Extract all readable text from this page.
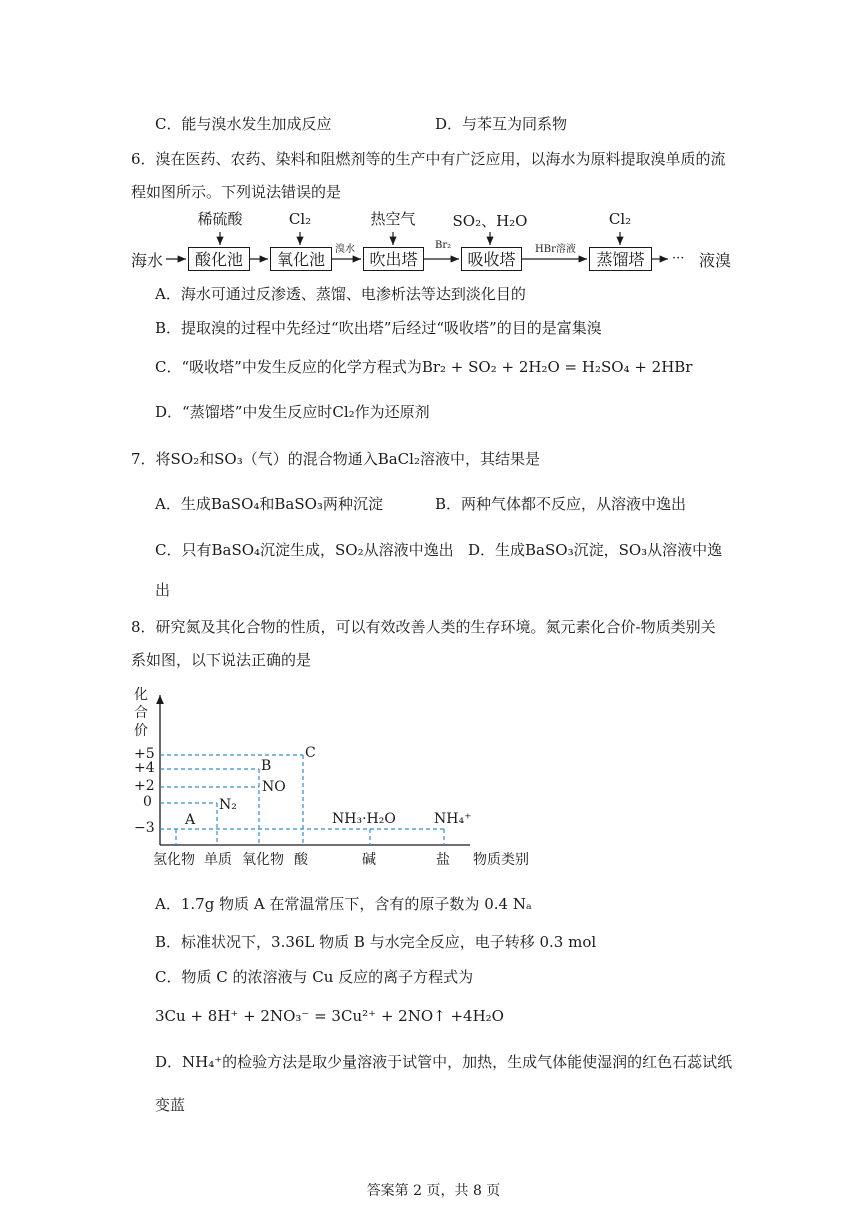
C．能与溴水发生加成反应	D．与苯互为同系物
6．溴在医药、农药、染料和阻燃剂等的生产中有广泛应用，以海水为原料提取溴单质的流
程如图所示。下列说法错误的是
海水	液溴
···
酸化池	氧化池	吹出塔	吸收塔	蒸馏塔
稀硫酸	Cl₂	热空气	SO₂、H₂O	Cl₂
溴水	Br₂	HBr溶液
A．海水可通过反渗透、蒸馏、电渗析法等达到淡化目的
B．提取溴的过程中先经过“吹出塔”后经过“吸收塔”的目的是富集溴
C．“吸收塔”中发生反应的化学方程式为Br₂ + SO₂ + 2H₂O = H₂SO₄ + 2HBr
D．“蒸馏塔”中发生反应时Cl₂作为还原剂
7．将SO₂和SO₃（气）的混合物通入BaCl₂溶液中，其结果是
A．生成BaSO₄和BaSO₃两种沉淀	B．两种气体都不反应，从溶液中逸出
C．只有BaSO₄沉淀生成，SO₂从溶液中逸出 D．生成BaSO₃沉淀，SO₃从溶液中逸
出
8．研究氮及其化合物的性质，可以有效改善人类的生存环境。氮元素化合价-物质类别关
系如图，以下说法正确的是
+5
+4
+2
0
−3
氢化物 单质 氧化物 酸	碱	盐
A
N₂
NO
B
C
NH₃·H₂O	NH₄⁺
化
合
价
物质类别
A．1.7g 物质 A 在常温常压下，含有的原子数为 0.4 Nₐ
B．标准状况下，3.36L 物质 B 与水完全反应，电子转移 0.3 mol
C．物质 C 的浓溶液与 Cu 反应的离子方程式为
3Cu + 8H⁺ + 2NO₃⁻ = 3Cu²⁺ + 2NO↑ +4H₂O
D．NH₄⁺的检验方法是取少量溶液于试管中，加热，生成气体能使湿润的红色石蕊试纸
变蓝
答案第 2 页，共 8 页
